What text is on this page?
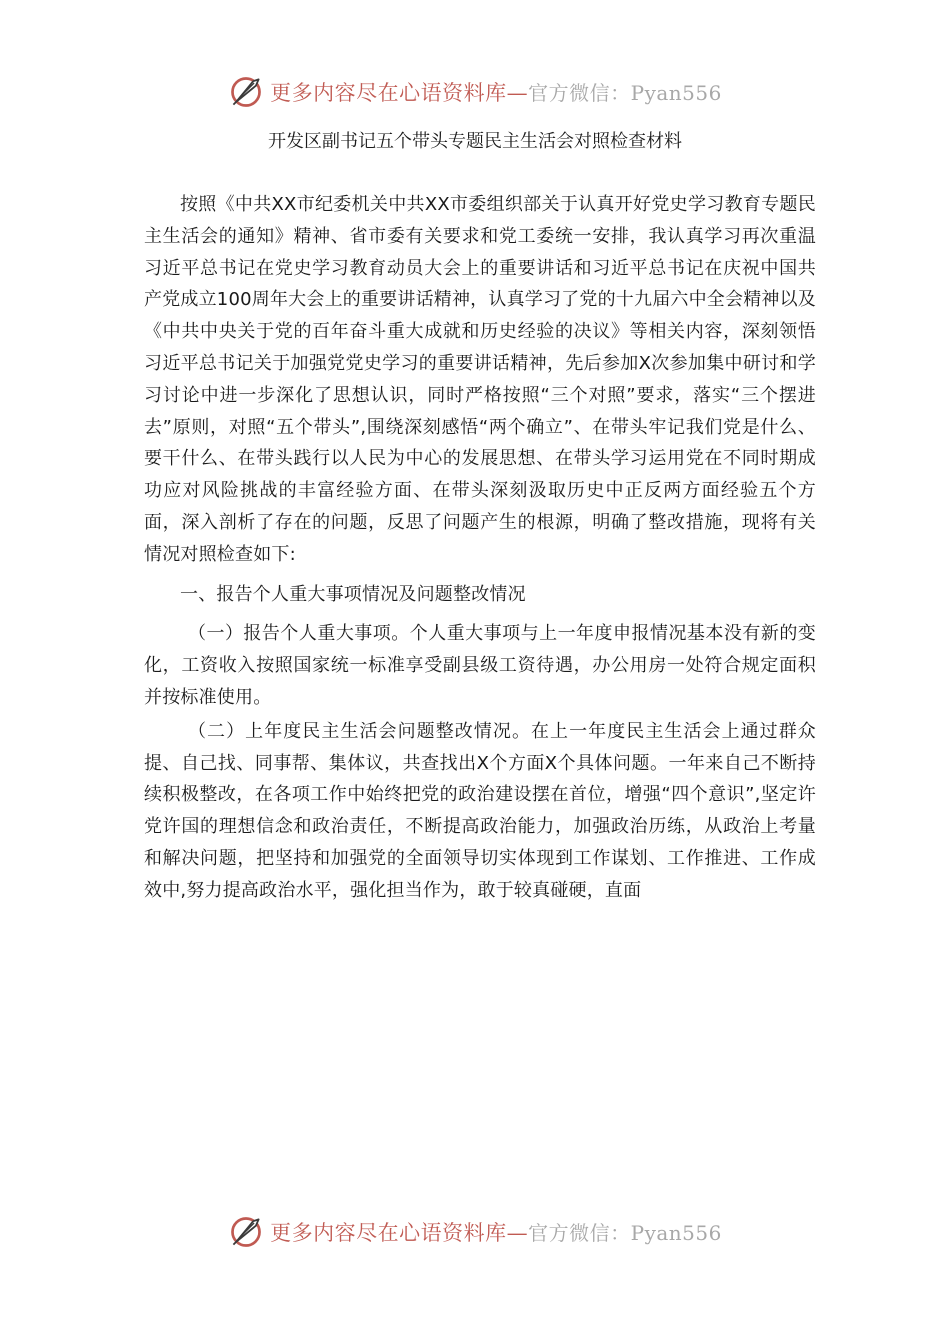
更多内容尽在心语资料库—官方微信：Pyan556
开发区副书记五个带头专题民主生活会对照检查材料

按照《中共XX市纪委机关中共XX市委组织部关于认真开好党史学习教育专题民主生活会的通知》精神、省市委有关要求和党工委统一安排，我认真学习再次重温习近平总书记在党史学习教育动员大会上的重要讲话和习近平总书记在庆祝中国共产党成立100周年大会上的重要讲话精神，认真学习了党的十九届六中全会精神以及《中共中央关于党的百年奋斗重大成就和历史经验的决议》等相关内容，深刻领悟习近平总书记关于加强党党史学习的重要讲话精神，先后参加X次参加集中研讨和学习讨论中进一步深化了思想认识，同时严格按照“三个对照”要求，落实“三个摆进去”原则，对照“五个带头”,围绕深刻感悟“两个确立”、在带头牢记我们党是什么、要干什么、在带头践行以人民为中心的发展思想、在带头学习运用党在不同时期成功应对风险挑战的丰富经验方面、在带头深刻汲取历史中正反两方面经验五个方面，深入剖析了存在的问题，反思了问题产生的根源，明确了整改措施，现将有关情况对照检查如下:

一、报告个人重大事项情况及问题整改情况

（一）报告个人重大事项。个人重大事项与上一年度申报情况基本没有新的变化，工资收入按照国家统一标准享受副县级工资待遇，办公用房一处符合规定面积并按标准使用。

（二）上年度民主生活会问题整改情况。在上一年度民主生活会上通过群众提、自己找、同事帮、集体议，共查找出X个方面X个具体问题。一年来自己不断持续积极整改，在各项工作中始终把党的政治建设摆在首位，增强“四个意识”,坚定许党许国的理想信念和政治责任，不断提高政治能力，加强政治历练，从政治上考量和解决问题，把坚持和加强党的全面领导切实体现到工作谋划、工作推进、工作成效中,努力提高政治水平，强化担当作为，敢于较真碰硬，直面

更多内容尽在心语资料库—官方微信：Pyan556
